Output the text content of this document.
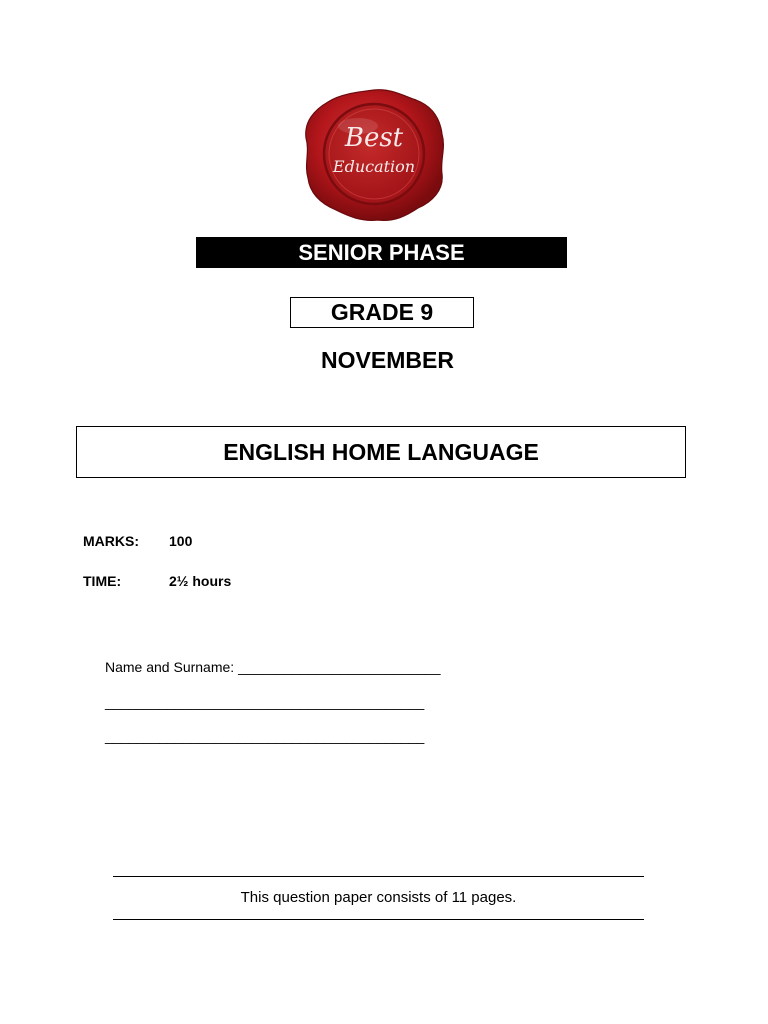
Best
Education
SENIOR PHASE
GRADE 9
NOVEMBER
ENGLISH HOME LANGUAGE
MARKS: 100
TIME:	2½ hours
Name and Surname: __________________________
_________________________________________
_________________________________________
This question paper consists of 11 pages.
